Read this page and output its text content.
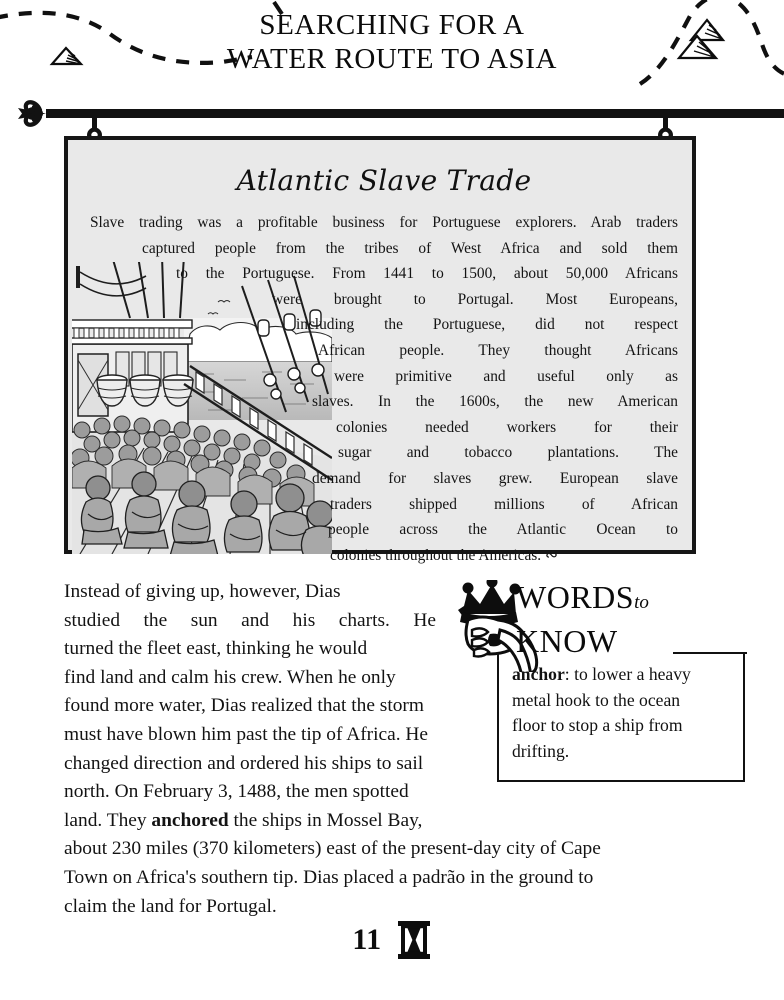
SEARCHING FOR A
WATER ROUTE TO ASIA
Atlantic Slave Trade
Slave trading was a profitable business for Portuguese explorers. Arab traders
captured people from the tribes of West Africa and sold them
to the Portuguese. From 1441 to 1500, about 50,000 Africans
were brought to Portugal. Most Europeans,
including the Portuguese, did not respect
African people. They thought Africans
were primitive and useful only as
slaves. In the 1600s, the new American
colonies needed workers for their
sugar and tobacco plantations. The
demand for slaves grew. European slave
traders shipped millions of African
people across the Atlantic Ocean to
colonies throughout the Americas. ∾
Instead of giving up, however, Dias
studied the sun and his charts. He
turned the fleet east, thinking he would
find land and calm his crew. When he only
found more water, Dias realized that the storm
must have blown him past the tip of Africa. He
changed direction and ordered his ships to sail
north. On February 3, 1488, the men spotted
land. They anchored the ships in Mossel Bay,
about 230 miles (370 kilometers) east of the present-day city of Cape
Town on Africa's southern tip. Dias placed a padrão in the ground to
claim the land for Portugal.
WORDSto
KNOW
anchor: to lower a heavy
metal hook to the ocean
floor to stop a ship from
drifting.
11
